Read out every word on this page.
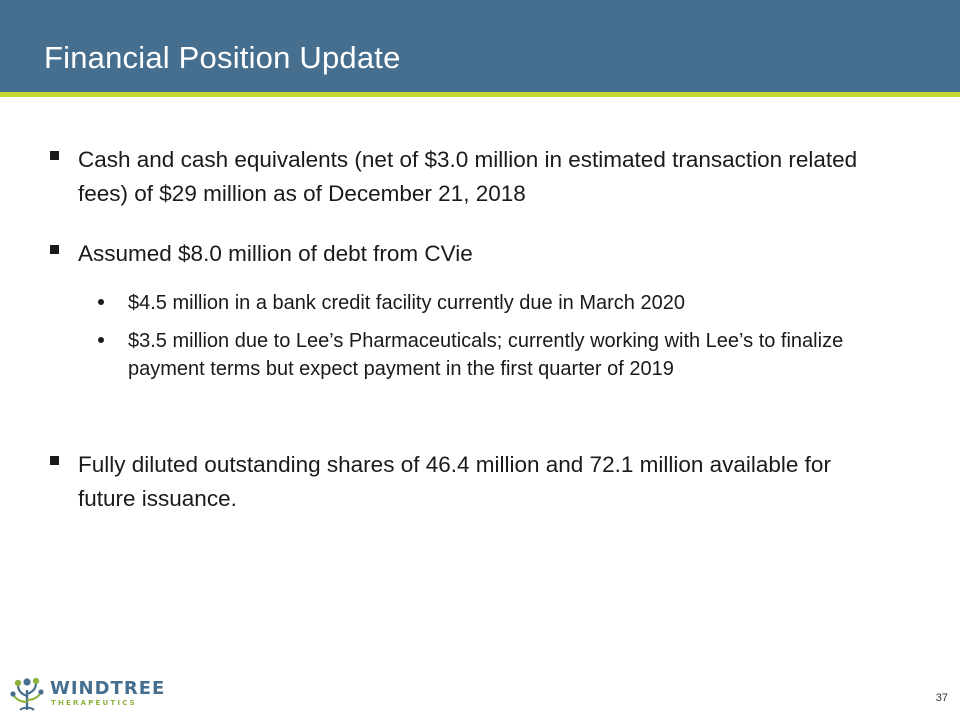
Financial Position Update
Cash and cash equivalents (net of $3.0 million in estimated transaction related fees) of $29 million as of December 21, 2018
Assumed $8.0 million of debt from CVie
$4.5 million in a bank credit facility currently due in March 2020
$3.5 million due to Lee’s Pharmaceuticals; currently working with Lee’s to finalize payment terms but expect payment in the first quarter of 2019
Fully diluted outstanding shares of 46.4 million and 72.1 million available for future issuance.
WINDTREE
THERAPEUTICS	37
